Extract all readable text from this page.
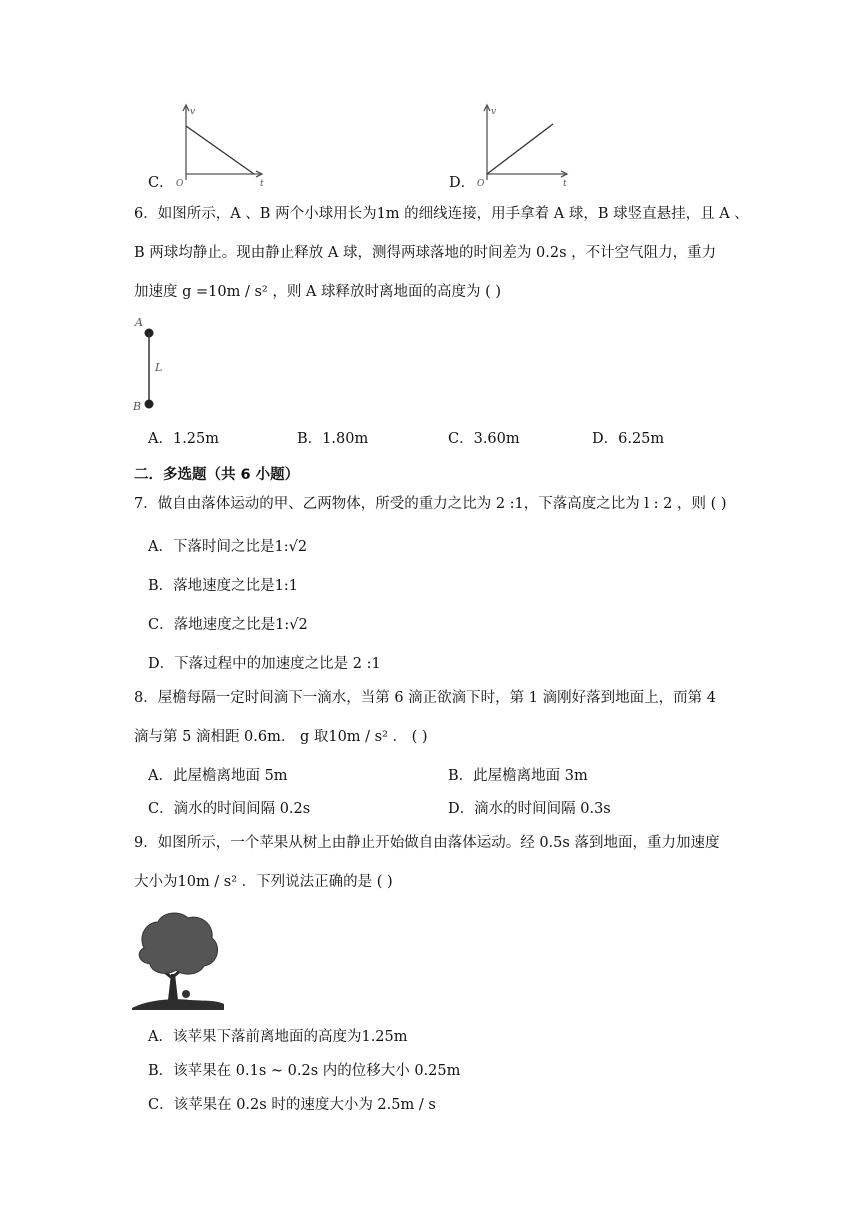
C．
v
t
O	D．
v
t
O
6．如图所示，A 、B 两个小球用长为1m 的细线连接，用手拿着 A 球，B 球竖直悬挂，且 A 、
B 两球均静止。现由静止释放 A 球，测得两球落地的时间差为 0.2s ，不计空气阻力，重力
加速度 g =10m / s² ，则 A 球释放时离地面的高度为 ( )
A
B
L
A．1.25m	B．1.80m	C．3.60m	D．6.25m
二．多选题（共 6 小题）
7．做自由落体运动的甲、乙两物体，所受的重力之比为 2 :1，下落高度之比为 l : 2 ，则 ( )
A．下落时间之比是1:√2
B．落地速度之比是1:1
C．落地速度之比是1:√2
D．下落过程中的加速度之比是 2 :1
8．屋檐每隔一定时间滴下一滴水，当第 6 滴正欲滴下时，第 1 滴刚好落到地面上，而第 4
滴与第 5 滴相距 0.6m． g 取10m / s² ． ( )
A．此屋檐离地面 5m	B．此屋檐离地面 3m
C．滴水的时间间隔 0.2s	D．滴水的时间间隔 0.3s
9．如图所示，一个苹果从树上由静止开始做自由落体运动。经 0.5s 落到地面，重力加速度
大小为10m / s² ．下列说法正确的是 ( )
A．该苹果下落前离地面的高度为1.25m
B．该苹果在 0.1s ~ 0.2s 内的位移大小 0.25m
C．该苹果在 0.2s 时的速度大小为 2.5m / s
